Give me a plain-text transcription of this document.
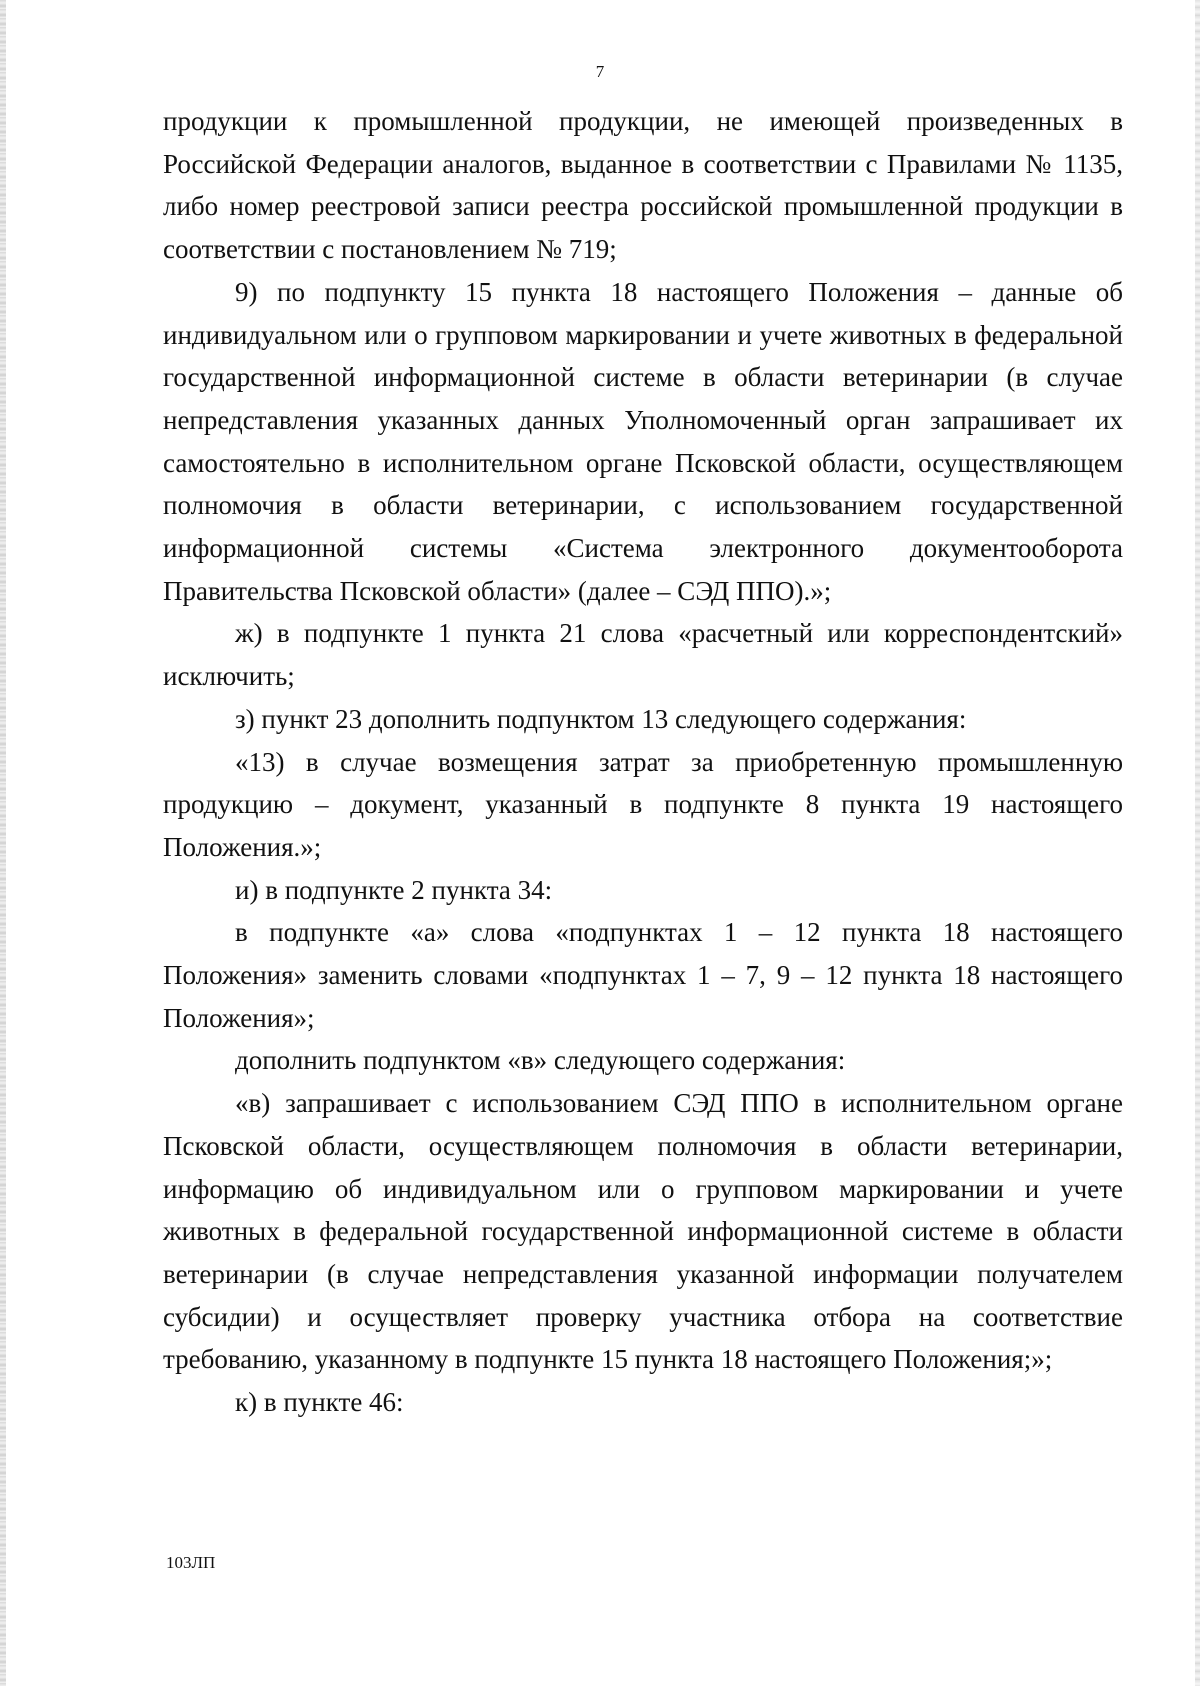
7

продукции к промышленной продукции, не имеющей произведенных в Российской Федерации аналогов, выданное в соответствии с Правилами № 1135, либо номер реестровой записи реестра российской промышленной продукции в соответствии с постановлением № 719;

9) по подпункту 15 пункта 18 настоящего Положения – данные об индивидуальном или о групповом маркировании и учете животных в федеральной государственной информационной системе в области ветеринарии (в случае непредставления указанных данных Уполномоченный орган запрашивает их самостоятельно в исполнительном органе Псковской области, осуществляющем полномочия в области ветеринарии, с использованием государственной информационной системы «Система электронного документооборота Правительства Псковской области» (далее – СЭД ППО).»;

ж) в подпункте 1 пункта 21 слова «расчетный или корреспондентский» исключить;

з) пункт 23 дополнить подпунктом 13 следующего содержания:

«13) в случае возмещения затрат за приобретенную промышленную продукцию – документ, указанный в подпункте 8 пункта 19 настоящего Положения.»;

и) в подпункте 2 пункта 34:

в подпункте «а» слова «подпунктах 1 – 12 пункта 18 настоящего Положения» заменить словами «подпунктах 1 – 7, 9 – 12 пункта 18 настоящего Положения»;

дополнить подпунктом «в» следующего содержания:

«в) запрашивает с использованием СЭД ППО в исполнительном органе Псковской области, осуществляющем полномочия в области ветеринарии, информацию об индивидуальном или о групповом маркировании и учете животных в федеральной государственной информационной системе в области ветеринарии (в случае непредставления указанной информации получателем субсидии) и осуществляет проверку участника отбора на соответствие требованию, указанному в подпункте 15 пункта 18 настоящего Положения;»;

к) в пункте 46:

103ЛП
